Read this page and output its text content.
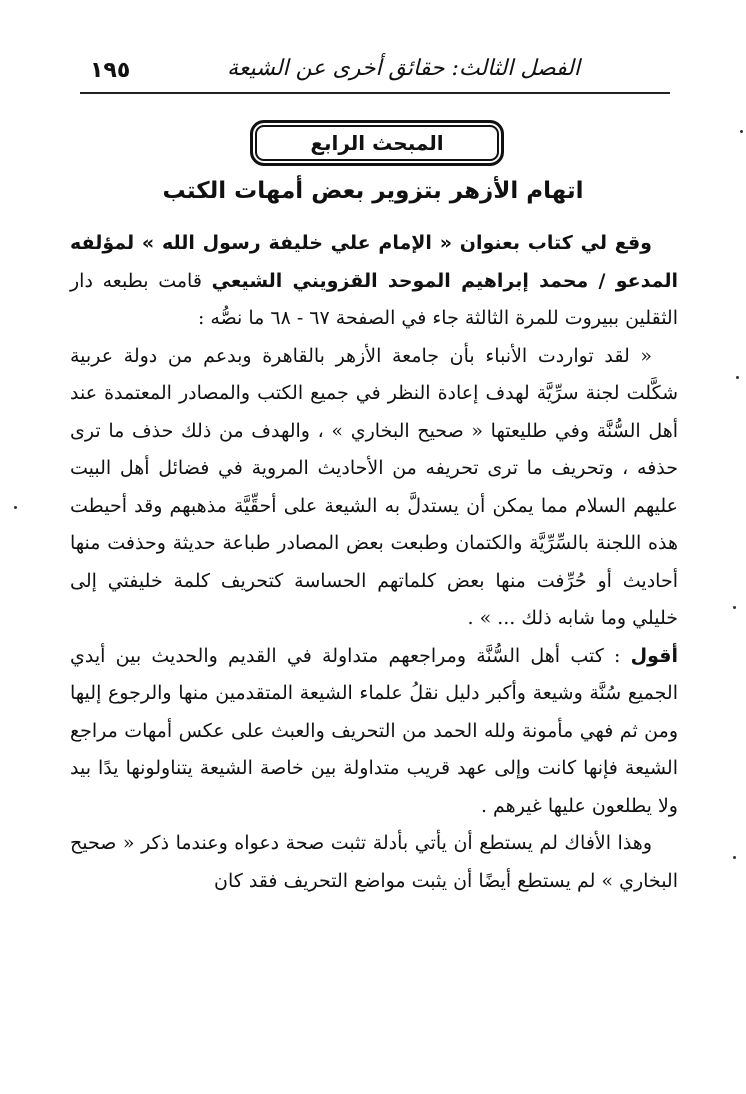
١٩٥	الفصل الثالث: حقائق أخرى عن الشيعة
المبحث الرابع
اتهام الأزهر بتزوير بعض أمهات الكتب

وقع لي كتاب بعنوان « الإمام علي خليفة رسول الله » لمؤلفه المدعو / محمد إبراهيم الموحد القزويني الشيعي قامت بطبعه دار الثقلين ببيروت للمرة الثالثة جاء في الصفحة ٦٧ - ٦٨ ما نصُّه :

« لقد تواردت الأنباء بأن جامعة الأزهر بالقاهرة وبدعم من دولة عربية شكَّلت لجنة سرِّيَّة لهدف إعادة النظر في جميع الكتب والمصادر المعتمدة عند أهل السُّنَّة وفي طليعتها « صحيح البخاري » ، والهدف من ذلك حذف ما ترى حذفه ، وتحريف ما ترى تحريفه من الأحاديث المروية في فضائل أهل البيت عليهم السلام مما يمكن أن يستدلَّ به الشيعة على أحقِّيَّة مذهبهم وقد أحيطت هذه اللجنة بالسِّرِّيَّة والكتمان وطبعت بعض المصادر طباعة حديثة وحذفت منها أحاديث أو حُرِّفت منها بعض كلماتهم الحساسة كتحريف كلمة خليفتي إلى خليلي وما شابه ذلك ... » .

أقول : كتب أهل السُّنَّة ومراجعهم متداولة في القديم والحديث بين أيدي الجميع سُنَّة وشيعة وأكبر دليل نقلُ علماء الشيعة المتقدمين منها والرجوع إليها ومن ثم فهي مأمونة ولله الحمد من التحريف والعبث على عكس أمهات مراجع الشيعة فإنها كانت وإلى عهد قريب متداولة بين خاصة الشيعة يتناولونها يدًا بيد ولا يطلعون عليها غيرهم .

وهذا الأفاك لم يستطع أن يأتي بأدلة تثبت صحة دعواه وعندما ذكر « صحيح البخاري » لم يستطع أيضًا أن يثبت مواضع التحريف فقد كان
